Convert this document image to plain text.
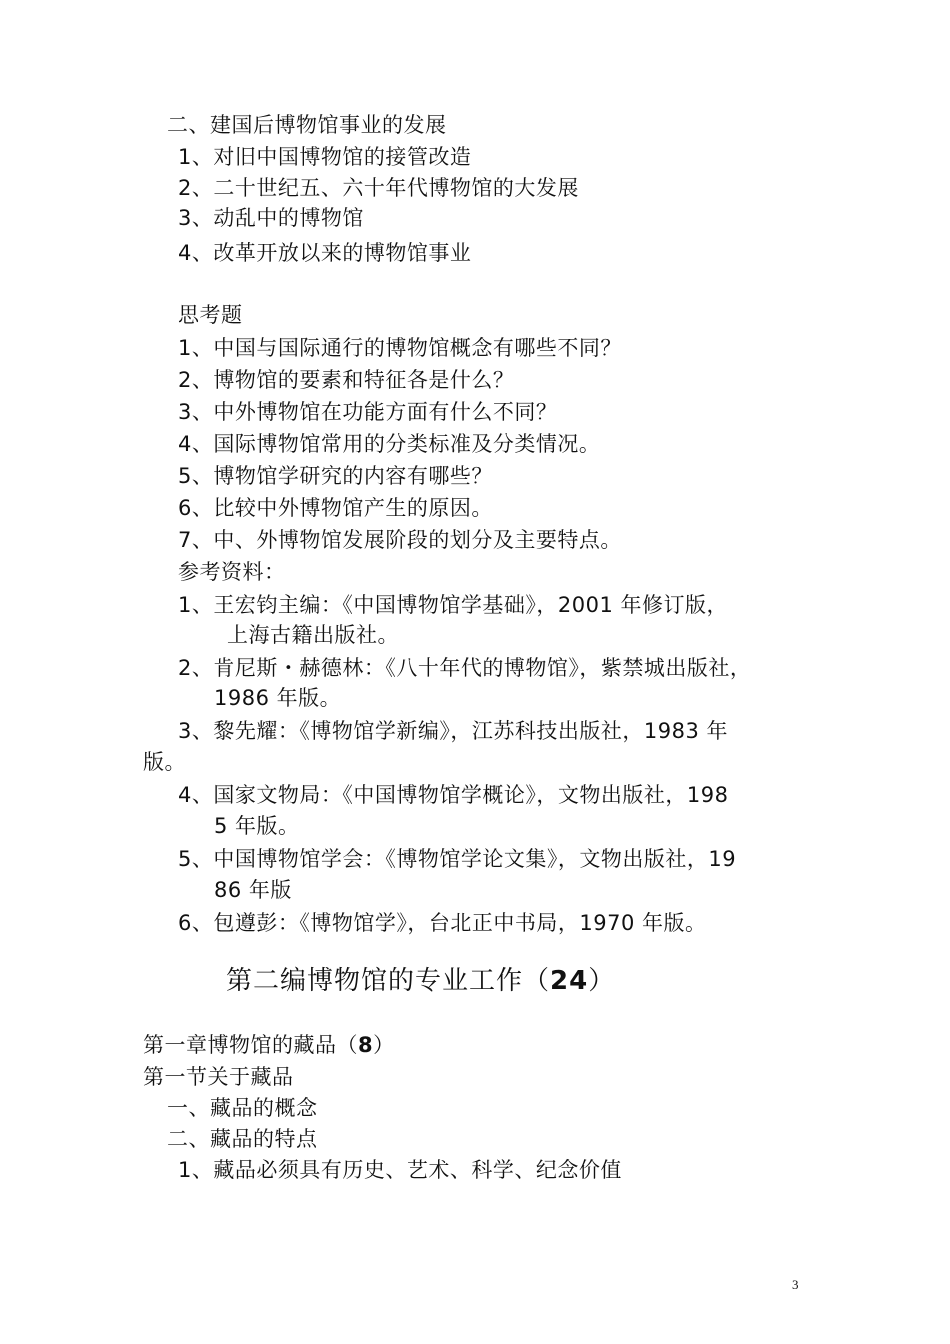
二、建国后博物馆事业的发展
1、对旧中国博物馆的接管改造
2、二十世纪五、六十年代博物馆的大发展
3、动乱中的博物馆
4、改革开放以来的博物馆事业
思考题
1、中国与国际通行的博物馆概念有哪些不同？
2、博物馆的要素和特征各是什么？
3、中外博物馆在功能方面有什么不同？
4、国际博物馆常用的分类标准及分类情况。
5、博物馆学研究的内容有哪些？
6、比较中外博物馆产生的原因。
7、中、外博物馆发展阶段的划分及主要特点。
参考资料：
1、王宏钧主编：《中国博物馆学基础》，2001 年修订版，
上海古籍出版社。
2、肯尼斯・赫德林：《八十年代的博物馆》，紫禁城出版社，
1986 年版。
3、黎先耀：《博物馆学新编》，江苏科技出版社，1983 年
版。
4、国家文物局：《中国博物馆学概论》，文物出版社，198
5 年版。
5、中国博物馆学会：《博物馆学论文集》，文物出版社，19
86 年版
6、包遵彭：《博物馆学》，台北正中书局，1970 年版。
第二编博物馆的专业工作（24）
第一章博物馆的藏品（8）
第一节关于藏品
一、藏品的概念
二、藏品的特点
1、藏品必须具有历史、艺术、科学、纪念价值
3
